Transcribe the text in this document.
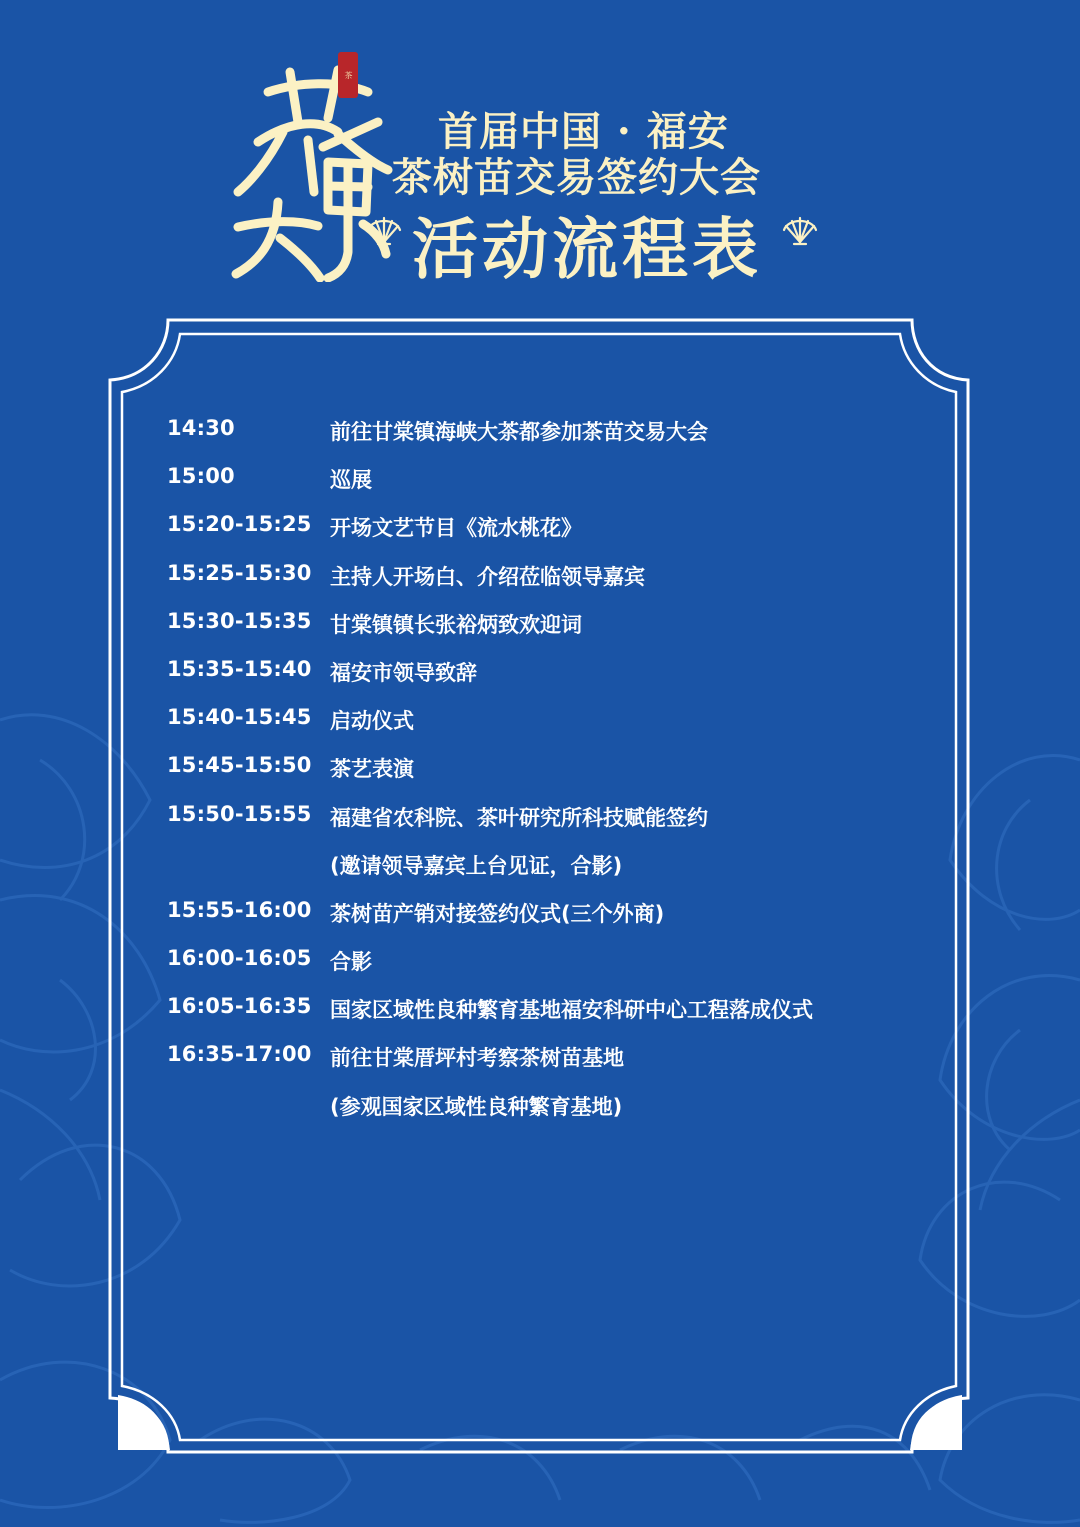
茶
首届中国 · 福安
茶树苗交易签约大会
活动流程表
14:30	前往甘棠镇海峡大茶都参加茶苗交易大会
15:00	巡展
15:20-15:25 开场文艺节目《流水桃花》
15:25-15:30 主持人开场白、介绍莅临领导嘉宾
15:30-15:35 甘棠镇镇长张裕炳致欢迎词
15:35-15:40 福安市领导致辞
15:40-15:45 启动仪式
15:45-15:50 茶艺表演
15:50-15:55 福建省农科院、茶叶研究所科技赋能签约
(邀请领导嘉宾上台见证，合影)
15:55-16:00 茶树苗产销对接签约仪式(三个外商)
16:00-16:05 合影
16:05-16:35 国家区域性良种繁育基地福安科研中心工程落成仪式
16:35-17:00 前往甘棠厝坪村考察茶树苗基地
(参观国家区域性良种繁育基地)
